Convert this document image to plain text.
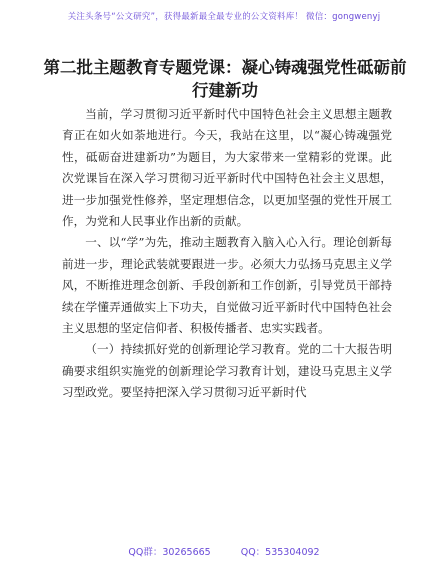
关注头条号“公文研究”，获得最新最全最专业的公文资料库！ 微信：gongwenyj
第二批主题教育专题党课：凝心铸魂强党性砥砺前行建新功

当前，学习贯彻习近平新时代中国特色社会主义思想主题教育正在如火如荼地进行。今天，我站在这里，以“凝心铸魂强党性，砥砺奋进建新功”为题目，为大家带来一堂精彩的党课。此次党课旨在深入学习贯彻习近平新时代中国特色社会主义思想，进一步加强党性修养，坚定理想信念，以更加坚强的党性开展工作，为党和人民事业作出新的贡献。

一、以“学”为先，推动主题教育入脑入心入行。理论创新每前进一步，理论武装就要跟进一步。必须大力弘扬马克思主义学风，不断推进理念创新、手段创新和工作创新，引导党员干部持续在学懂弄通做实上下功夫，自觉做习近平新时代中国特色社会主义思想的坚定信仰者、积极传播者、忠实实践者。

（一）持续抓好党的创新理论学习教育。党的二十大报告明确要求组织实施党的创新理论学习教育计划，建设马克思主义学习型政党。要坚持把深入学习贯彻习近平新时代

QQ群：30265665	QQ：535304092
